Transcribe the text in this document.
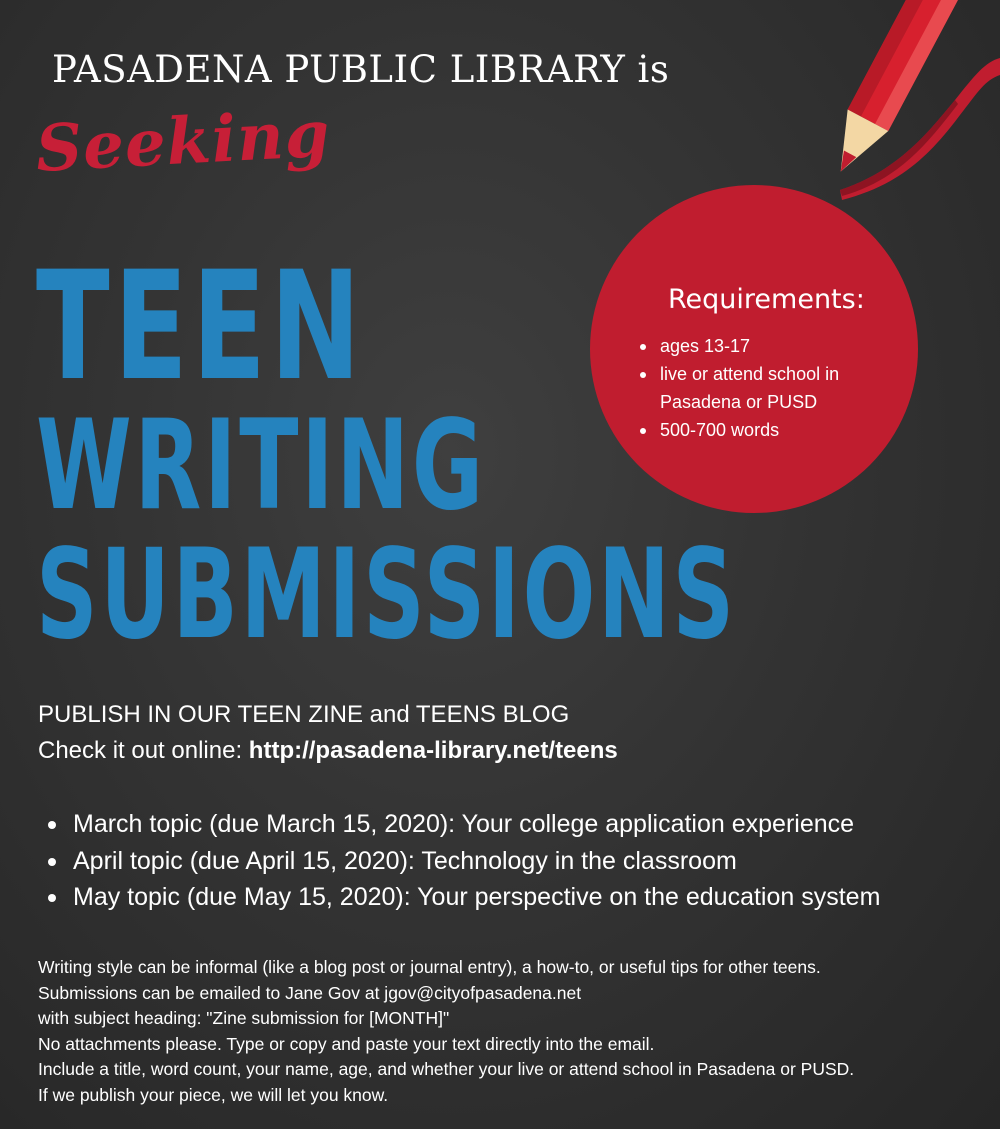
PASADENA PUBLIC LIBRARY is
Seeking
TEEN
WRITING
SUBMISSIONS
Requirements:
ages 13-17
live or attend school in Pasadena or PUSD
500-700 words
PUBLISH IN OUR TEEN ZINE and TEENS BLOG
Check it out online: http://pasadena-library.net/teens
March topic (due March 15, 2020): Your college application experience
April topic (due April 15, 2020): Technology in the classroom
May topic (due May 15, 2020): Your perspective on the education system
Writing style can be informal (like a blog post or journal entry), a how-to, or useful tips for other teens.
Submissions can be emailed to Jane Gov at jgov@cityofpasadena.net
with subject heading: "Zine submission for [MONTH]"
No attachments please. Type or copy and paste your text directly into the email.
Include a title, word count, your name, age, and whether your live or attend school in Pasadena or PUSD.
If we publish your piece, we will let you know.
